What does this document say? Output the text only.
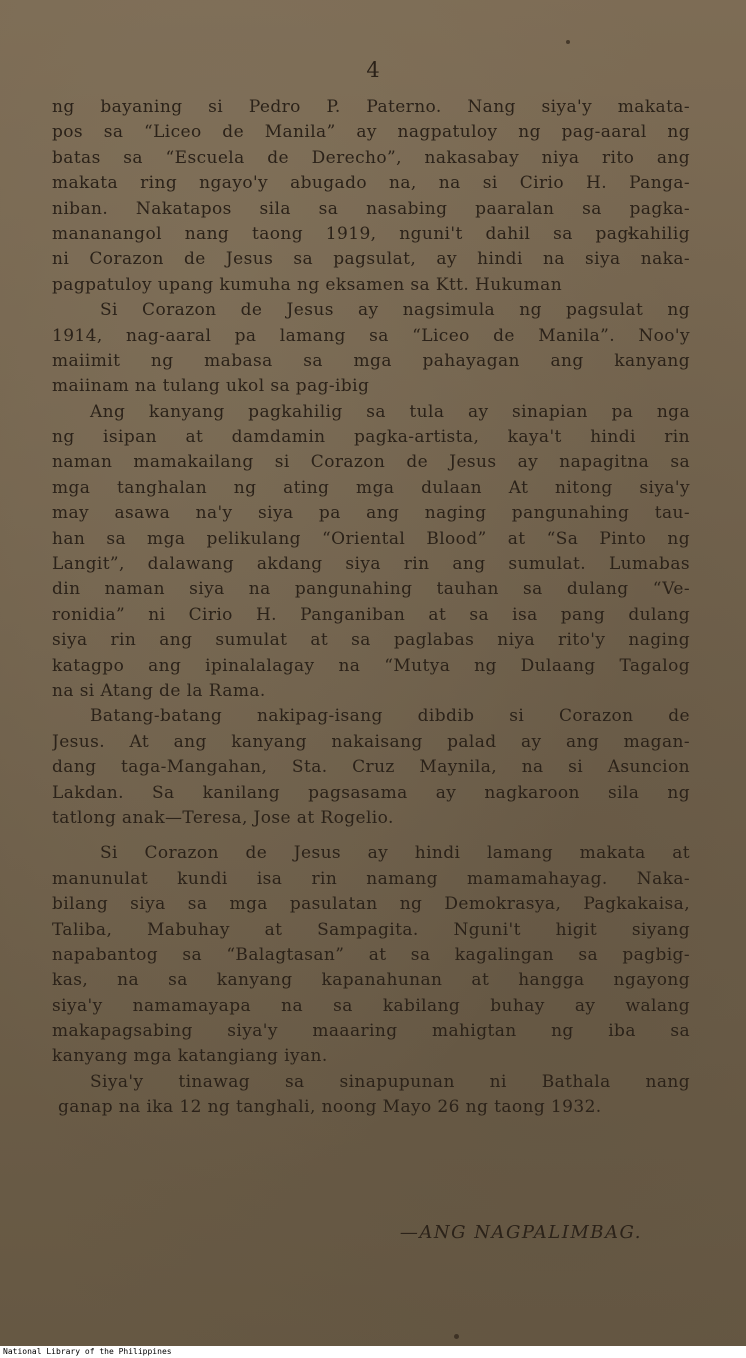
4
ng bayaning si Pedro P. Paterno. Nang siya'y makata-
pos sa “Liceo de Manila” ay nagpatuloy ng pag-aaral ng
batas sa “Escuela de Derecho”, nakasabay niya rito ang
makata ring ngayo'y abugado na, na si Cirio H. Panga-
niban. Nakatapos sila sa nasabing paaralan sa pagka-
mananangol nang taong 1919, nguni't dahil sa pagkahilig
ni Corazon de Jesus sa pagsulat, ay hindi na siya naka-
pagpatuloy upang kumuha ng eksamen sa Ktt. Hukuman
Si Corazon de Jesus ay nagsimula ng pagsulat ng
1914, nag-aaral pa lamang sa “Liceo de Manila”. Noo'y
maiimit ng mabasa sa mga pahayagan ang kanyang
maiinam na tulang ukol sa pag-ibig
Ang kanyang pagkahilig sa tula ay sinapian pa nga
ng isipan at damdamin pagka-artista, kaya't hindi rin
naman mamakailang si Corazon de Jesus ay napagitna sa
mga tanghalan ng ating mga dulaan At nitong siya'y
may asawa na'y siya pa ang naging pangunahing tau-
han sa mga pelikulang “Oriental Blood” at “Sa Pinto ng
Langit”, dalawang akdang siya rin ang sumulat. Lumabas
din naman siya na pangunahing tauhan sa dulang “Ve-
ronidia” ni Cirio H. Panganiban at sa isa pang dulang
siya rin ang sumulat at sa paglabas niya rito'y naging
katagpo ang ipinalalagay na “Mutya ng Dulaang Tagalog
na si Atang de la Rama.
Batang-batang nakipag-isang dibdib si Corazon de
Jesus. At ang kanyang nakaisang palad ay ang magan-
dang taga-Mangahan, Sta. Cruz Maynila, na si Asuncion
Lakdan. Sa kanilang pagsasama ay nagkaroon sila ng
tatlong anak—Teresa, Jose at Rogelio.
Si Corazon de Jesus ay hindi lamang makata at
manunulat kundi isa rin namang mamamahayag. Naka-
bilang siya sa mga pasulatan ng Demokrasya, Pagkakaisa,
Taliba, Mabuhay at Sampagita. Nguni't higit siyang
napabantog sa “Balagtasan” at sa kagalingan sa pagbig-
kas, na sa kanyang kapanahunan at hangga ngayong
siya'y namamayapa na sa kabilang buhay ay walang
makapagsabing siya'y maaaring mahigtan ng iba sa
kanyang mga katangiang iyan.
Siya'y tinawag sa sinapupunan ni Bathala nang
ganap na ika 12 ng tanghali, noong Mayo 26 ng taong 1932.
—ANG NAGPALIMBAG.
National Library of the Philippines
